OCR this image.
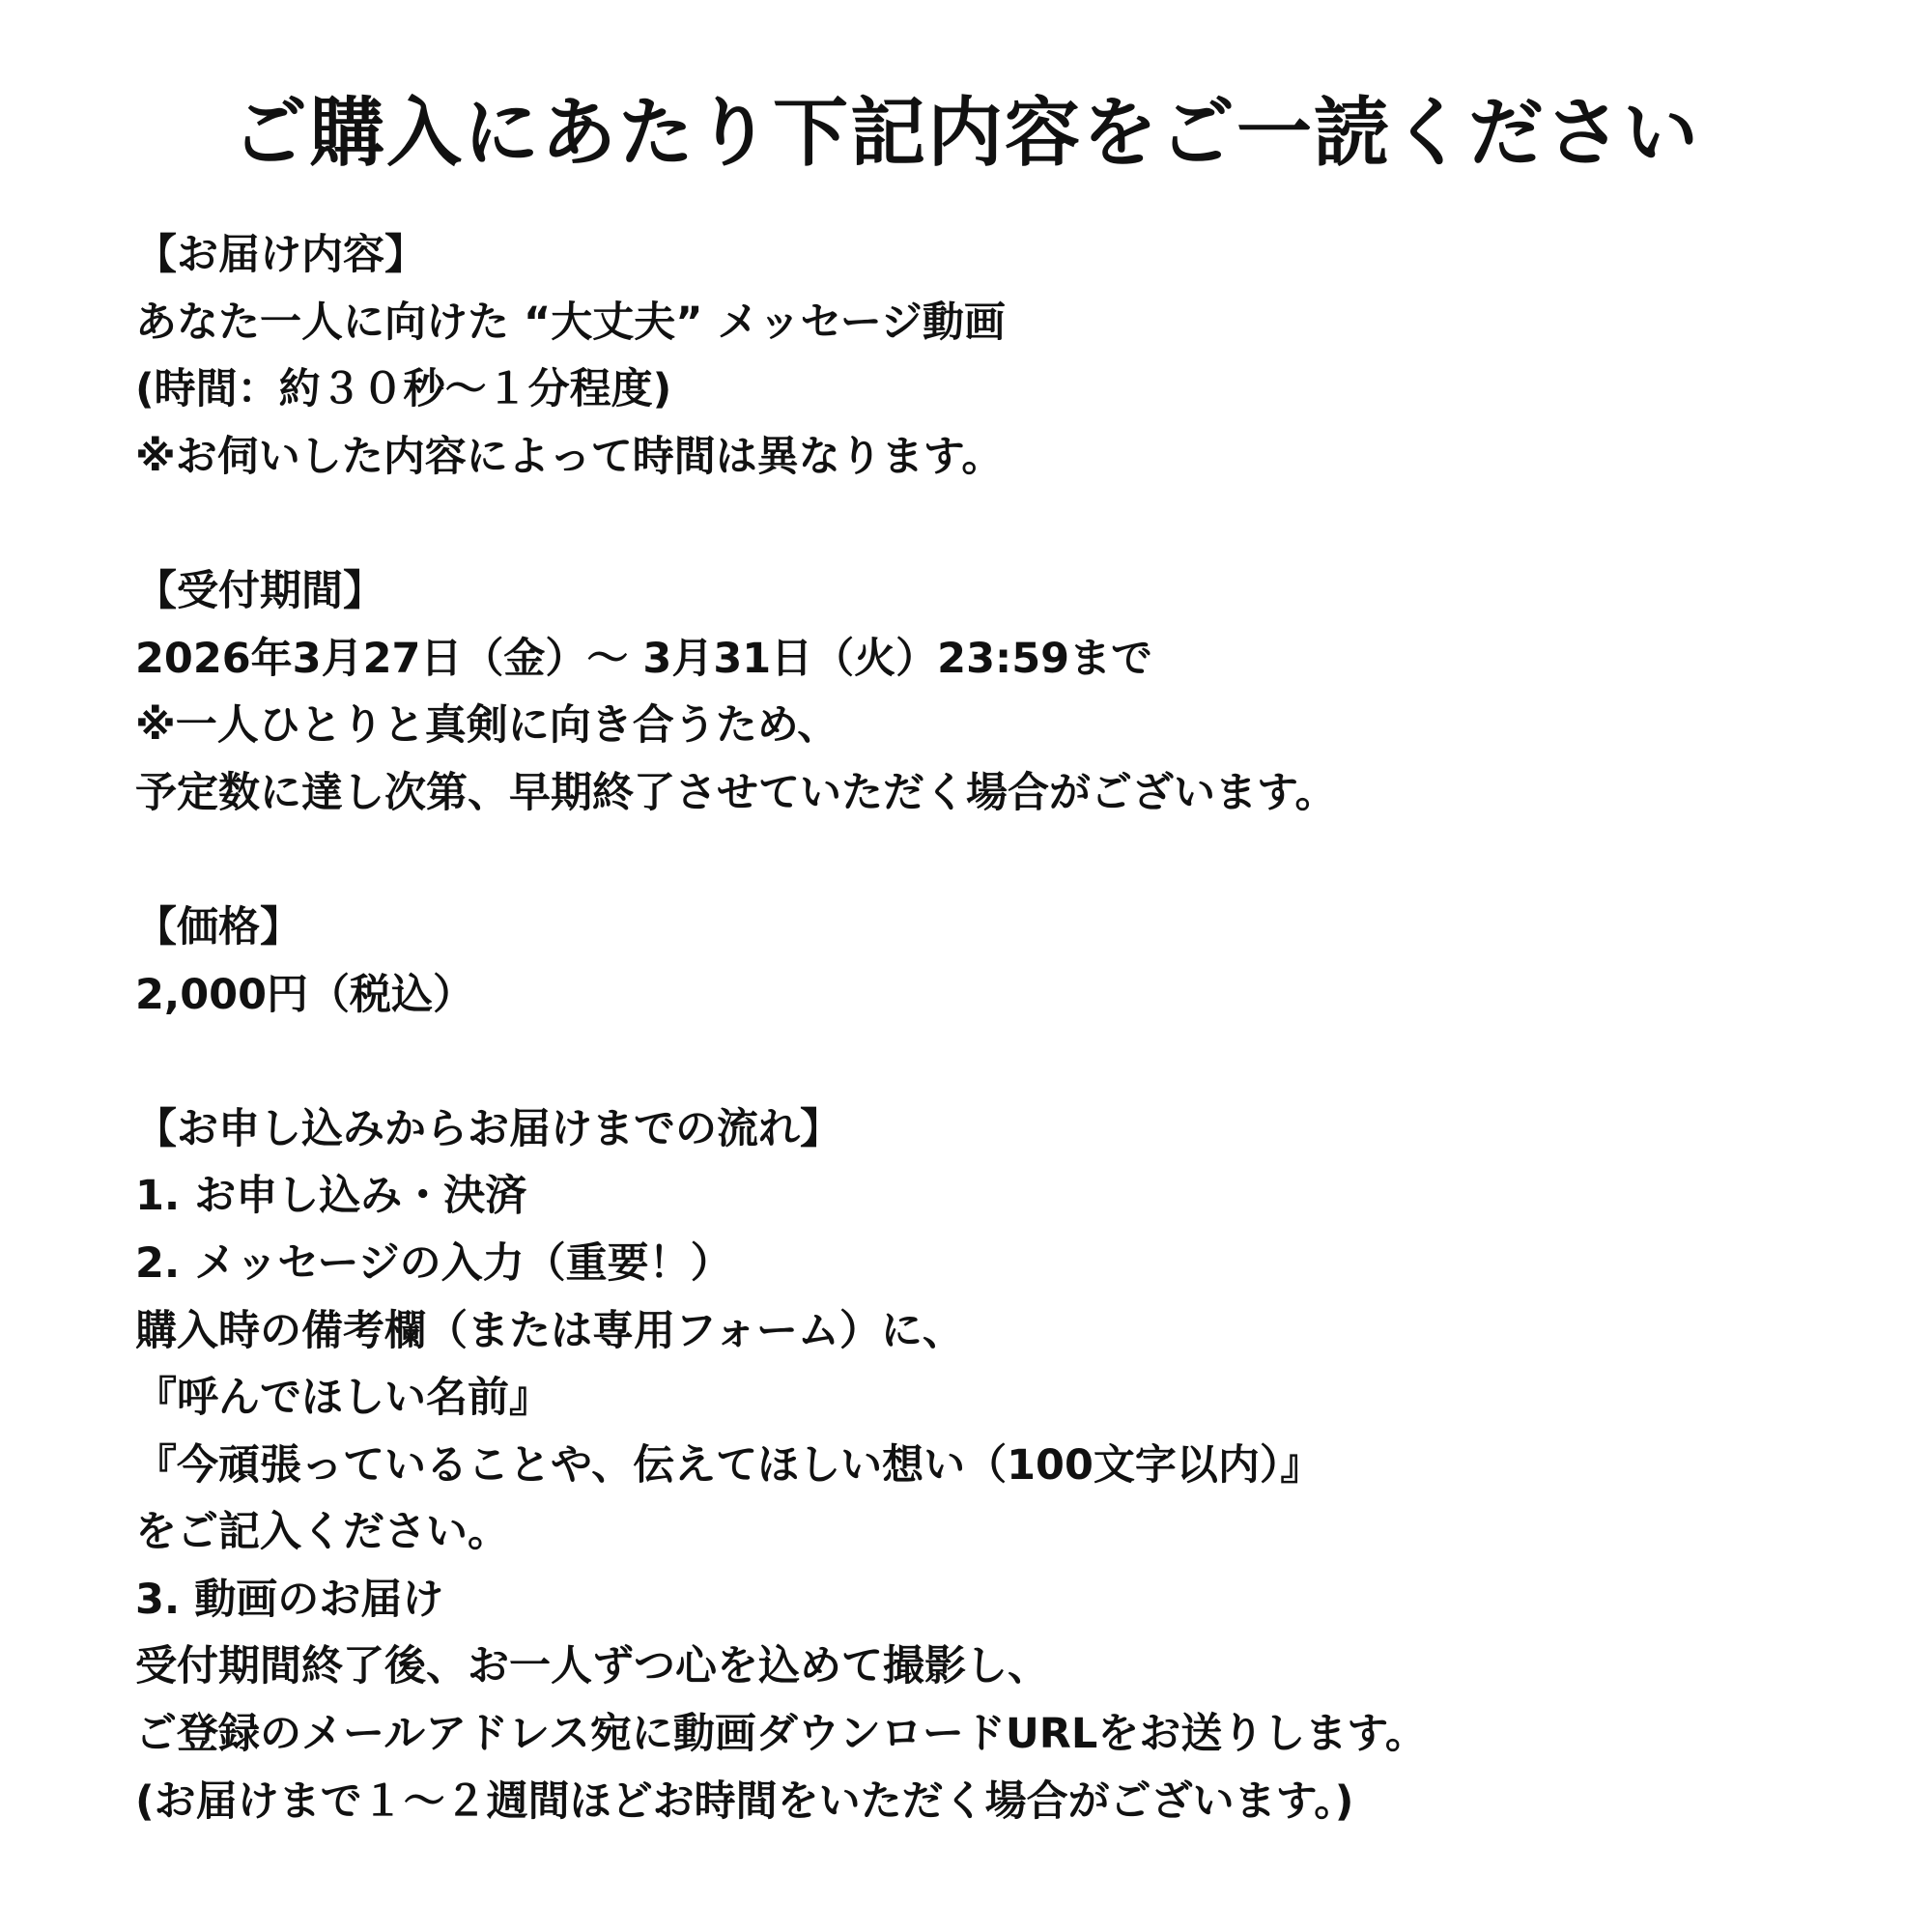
ご購入にあたり下記内容をご一読ください
【お届け内容】
あなた一人に向けた “大丈夫” メッセージ動画
(時間：約３０秒〜１分程度)
※お伺いした内容によって時間は異なります。
【受付期間】
2026年3月27日（金）〜 3月31日（火）23:59まで
※一人ひとりと真剣に向き合うため、
予定数に達し次第、早期終了させていただく場合がございます。
【価格】
2,000円（税込）
【お申し込みからお届けまでの流れ】
1. お申し込み・決済
2. メッセージの入力（重要！）
購入時の備考欄（または専用フォーム）に、
『呼んでほしい名前』
『今頑張っていることや、伝えてほしい想い（100文字以内）』
をご記入ください。
3. 動画のお届け
受付期間終了後、お一人ずつ心を込めて撮影し、
ご登録のメールアドレス宛に動画ダウンロードURLをお送りします。
(お届けまで１〜２週間ほどお時間をいただく場合がございます。)
